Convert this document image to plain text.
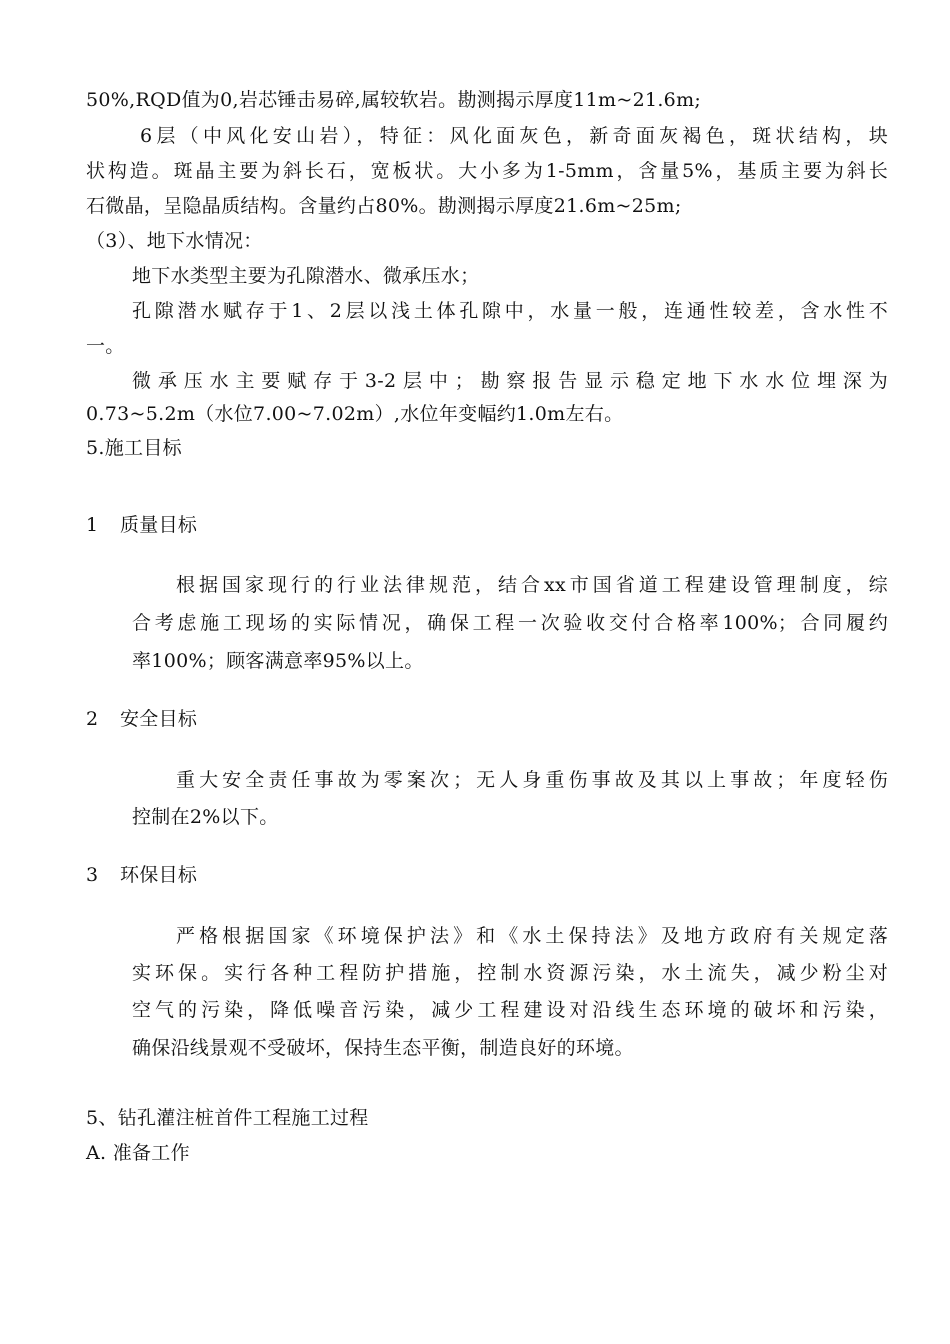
50%,RQD值为0,岩芯锤击易碎,属较软岩。勘测揭示厚度11m~21.6m;
6层（中风化安山岩），特征：风化面灰色，新奇面灰褐色，斑状结构，块
状构造。斑晶主要为斜长石，宽板状。大小多为1-5mm，含量5%，基质主要为斜长
石微晶，呈隐晶质结构。含量约占80%。勘测揭示厚度21.6m~25m;
（3）、地下水情况：
地下水类型主要为孔隙潜水、微承压水；
孔隙潜水赋存于1、2层以浅土体孔隙中，水量一般，连通性较差，含水性不
一。
微承压水主要赋存于3-2层中；勘察报告显示稳定地下水水位埋深为
0.73~5.2m（水位7.00~7.02m）,水位年变幅约1.0m左右。
5.施工目标
1 质量目标
根据国家现行的行业法律规范，结合xx市国省道工程建设管理制度，综
合考虑施工现场的实际情况，确保工程一次验收交付合格率100%；合同履约
率100%；顾客满意率95%以上。
2 安全目标
重大安全责任事故为零案次；无人身重伤事故及其以上事故；年度轻伤
控制在2%以下。
3 环保目标
严格根据国家《环境保护法》和《水土保持法》及地方政府有关规定落
实环保。实行各种工程防护措施，控制水资源污染，水土流失，减少粉尘对
空气的污染，降低噪音污染，减少工程建设对沿线生态环境的破坏和污染，
确保沿线景观不受破坏，保持生态平衡，制造良好的环境。
5、钻孔灌注桩首件工程施工过程
A. 准备工作
